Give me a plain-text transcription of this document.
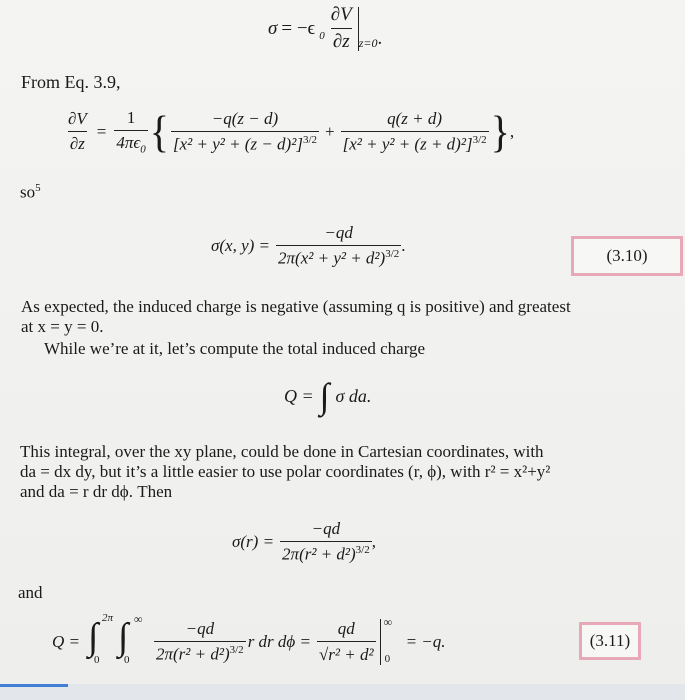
σ = −ϵ $_0 \frac{\partial V}{\partial z} z=0$ .
From Eq. 3.9,
$\frac{\partial V}{\partial z} = \frac{1}{4\pi\epsilon_0}$ { $\frac{-q(z - d)}{[x^2 + y^2 + (z - d)^2]^{3/2}} + \frac{q(z + d)}{[x^2 + y^2 + (z + d)^2]^{3/2}}$ } ,
$so^5$
σ(x, $y) = \frac{-qd}{2\pi(x^2 + y^2 + d^2)^{3/2}}$ .
(3.10)
As expected, the induced charge is negative (assuming q is positive) and greatest
at x = y = 0.
While we’re at it, let’s compute the total induced charge
Q = ∫ σ da.
This integral, over the xy plane, could be done in Cartesian coordinates, with
da = dx dy, but it’s a little easier to use polar coordinates (r, ϕ), with r² = x²+y²
and da = r dr dϕ. Then
$\sigma(r) = \frac{-qd}{2\pi(r^2 + d^2)^{3/2}}$ ,
and
Q = ∫ 2π
0
∫ ∞
$0 \frac{-qd}{2\pi(r^2 + d^2)^{3/2}}$ r dr $d\phi = \frac{qd}{\text{√r² + d²}}$ ∞
0
= −q.	(3.11)
